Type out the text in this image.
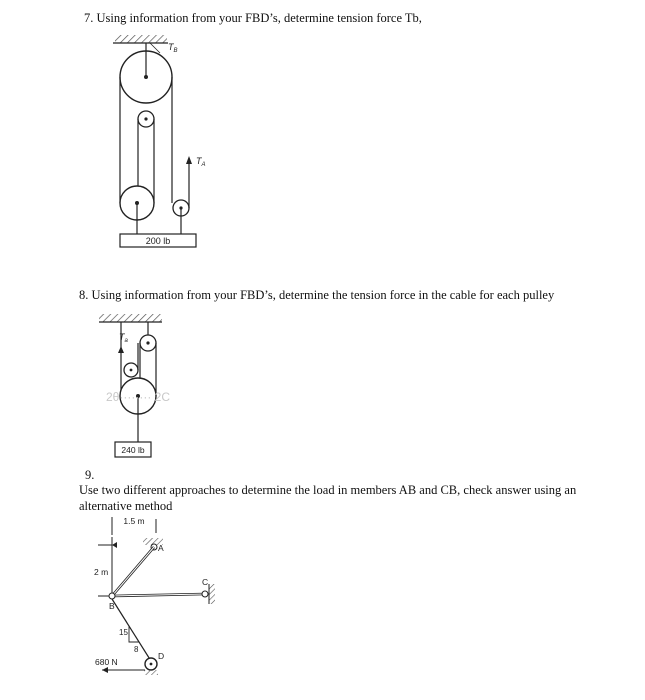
7. Using information from your FBD’s, determine tension force Tb,
8. Using information from your FBD’s, determine the tension force in the cable for each pulley
9.
Use two different approaches to determine the load in members AB and CB, check answer using an
alternative method
200 lb
$T_B$
$T_A$
2θ········ 2C
240 lb
$T_a$
1.5 m
2 m
A
C
B
15
8
D
680 N
